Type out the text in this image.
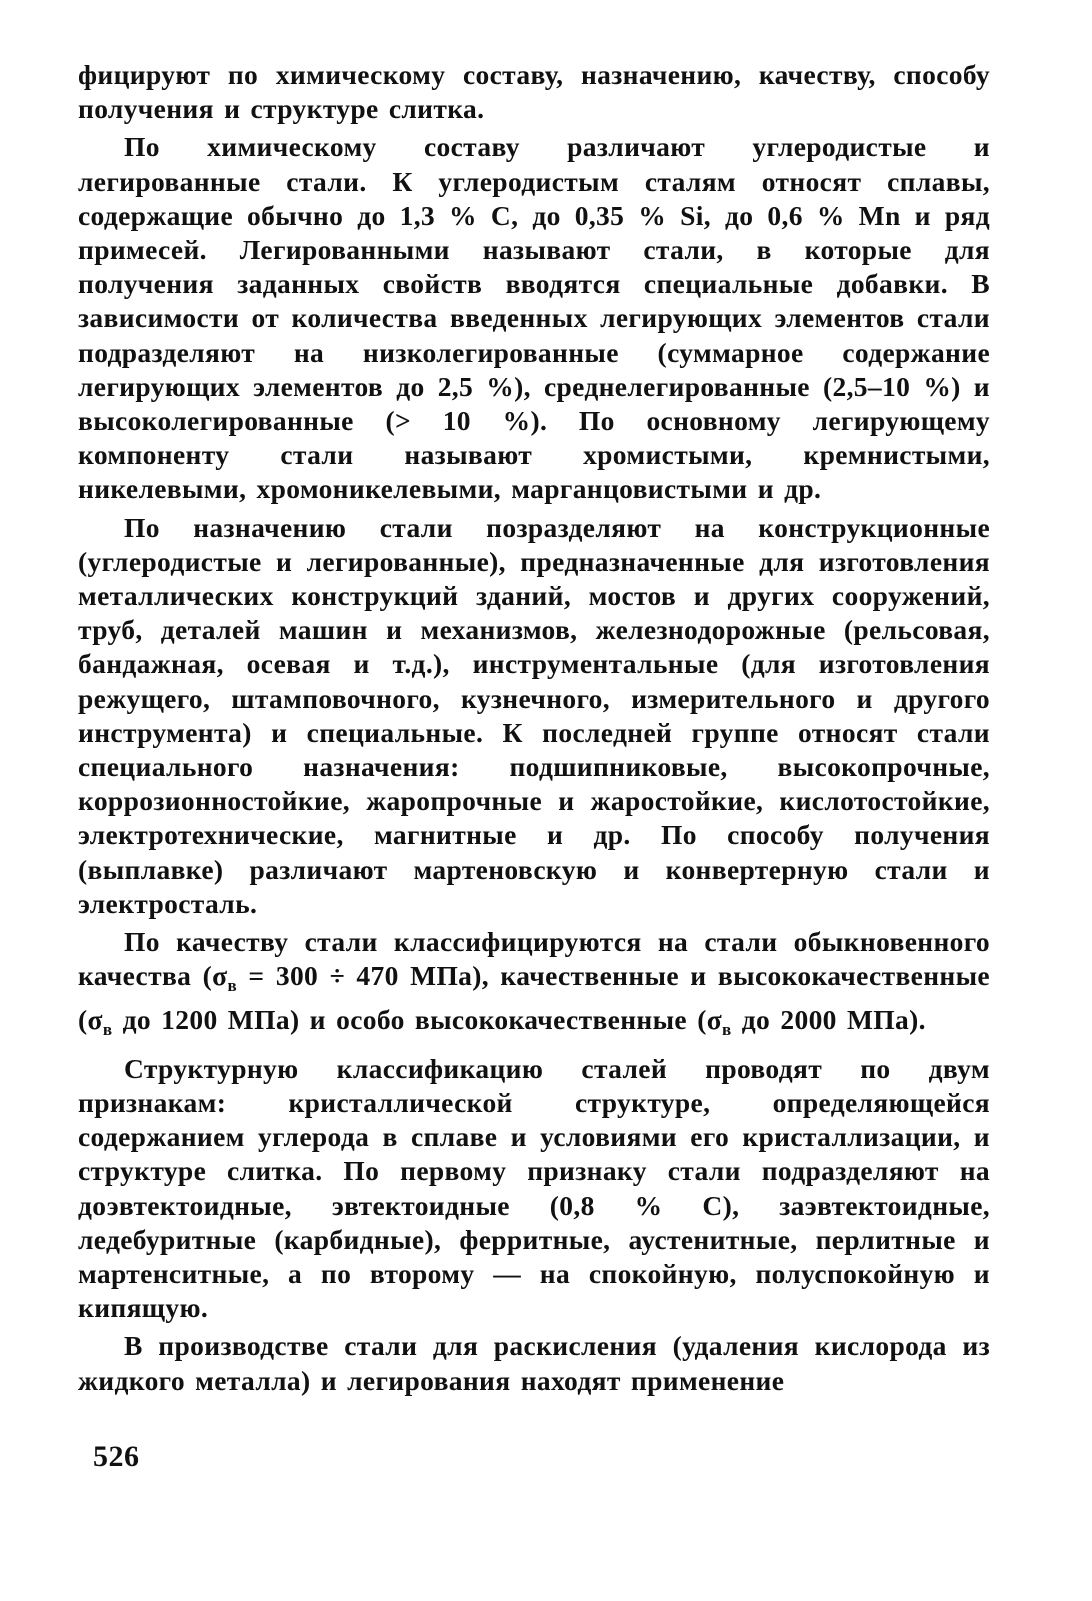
фицируют по химическому составу, назначению, качеству, способу получения и структуре слитка.

По химическому составу различают углеродистые и легированные стали. К углеродистым сталям относят сплавы, содержащие обычно до 1,3 % С, до 0,35 % Si, до 0,6 % Мn и ряд примесей. Легированными называют стали, в которые для получения заданных свойств вводятся специальные добавки. В зависимости от количества введенных легирующих элементов стали подразделяют на низколегированные (суммарное содержание легирующих элементов до 2,5 %), среднелегированные (2,5–10 %) и высоколегированные (> 10 %). По основному легирующему компоненту стали называют хромистыми, кремнистыми, никелевыми, хромоникелевыми, марганцовистыми и др.

По назначению стали позразделяют на конструкционные (углеродистые и легированные), предназначенные для изготовления металлических конструкций зданий, мостов и других сооружений, труб, деталей машин и механизмов, железнодорожные (рельсовая, бандажная, осевая и т.д.), инструментальные (для изготовления режущего, штамповочного, кузнечного, измерительного и другого инструмента) и специальные. К последней группе относят стали специального назначения: подшипниковые, высокопрочные, коррозионностойкие, жаропрочные и жаростойкие, кислотостойкие, электротехнические, магнитные и др. По способу получения (выплавке) различают мартеновскую и конвертерную стали и электросталь.

По качеству стали классифицируются на стали обыкновенного качества ($\sigma_в = 300 \div 470$ МПа), качественные и высококачественные ($\sigma_в$ до 1200 МПа) и особо высококачественные ($\sigma_в$ до 2000 МПа).

Структурную классификацию сталей проводят по двум признакам: кристаллической структуре, определяющейся содержанием углерода в сплаве и условиями его кристаллизации, и структуре слитка. По первому признаку стали подразделяют на доэвтектоидные, эвтектоидные (0,8 % С), заэвтектоидные, ледебуритные (карбидные), ферритные, аустенитные, перлитные и мартенситные, а по второму — на спокойную, полуспокойную и кипящую.

В производстве стали для раскисления (удаления кислорода из жидкого металла) и легирования находят применение

526
